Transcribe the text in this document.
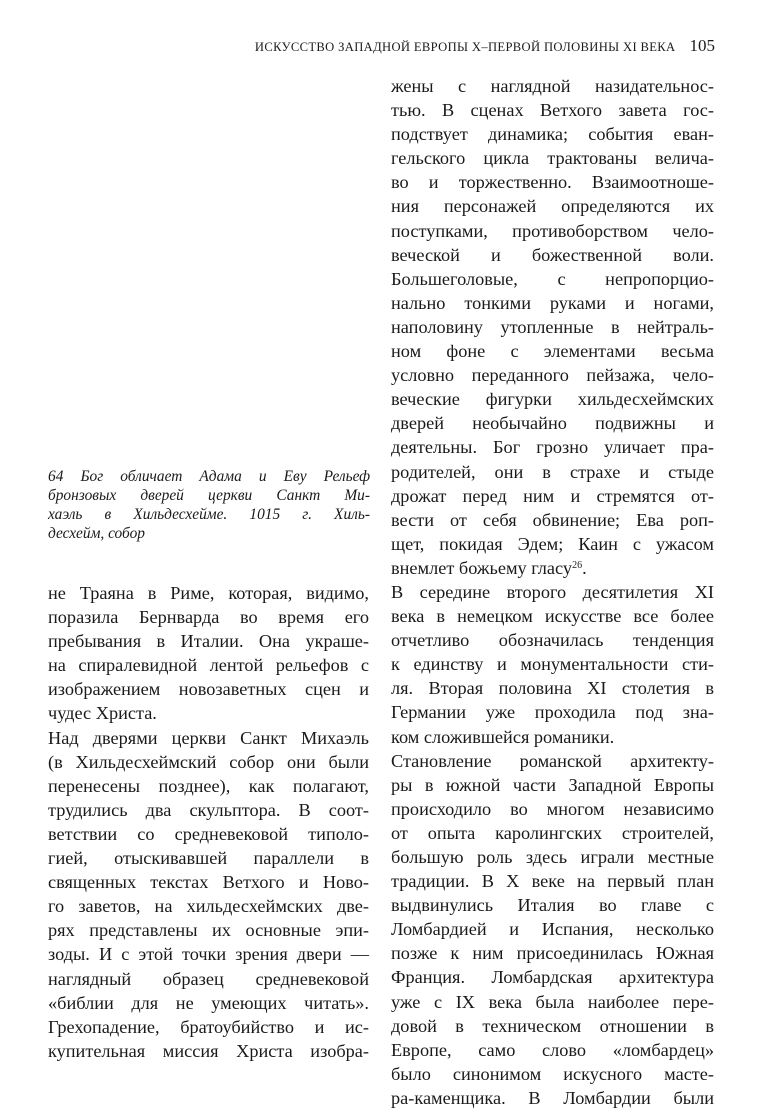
ИСКУССТВО ЗАПАДНОЙ ЕВРОПЫ X–ПЕРВОЙ ПОЛОВИНЫ XI ВЕКА 105
64 Бог обличает Адама и Еву Рельеф
бронзовых дверей церкви Санкт Ми-
хаэль в Хильдесхейме. 1015 г. Хиль-
десхейм, собор
жены с наглядной назидательнос-
тью. В сценах Ветхого завета гос-
подствует динамика; события еван-
гельского цикла трактованы величa-
во и торжественно. Взаимоотноше-
ния персонажей определяются их
поступками, противоборством чело-
веческой и божественной воли.
Большеголовые, с непропорцио-
нально тонкими руками и ногами,
наполовину утопленные в нейтраль-
ном фоне с элементами весьма
условно переданного пейзажа, чело-
веческие фигурки хильдесхеймских
дверей необычайно подвижны и
деятельны. Бог грозно уличает пра-
родителей, они в страхе и стыде
дрожат перед ним и стремятся от-
вести от себя обвинение; Ева роп-
щет, покидая Эдем; Каин с ужасом
внемлет божьему гласу$^{26}$.
В середине второго десятилетия XI
века в немецком искусстве все более
отчетливо обозначилась тенденция
к единству и монументальности сти-
ля. Вторая половина XI столетия в
Германии уже проходила под зна-
ком сложившейся романики.
Становление романской архитекту-
ры в южной части Западной Европы
происходило во многом независимо
от опыта каролингских строителей,
большую роль здесь играли местные
традиции. В X веке на первый план
выдвинулись Италия во главе с
Ломбардией и Испания, несколько
позже к ним присоединилась Южная
Франция. Ломбардская архитектура
уже с IX века была наиболее пере-
довой в техническом отношении в
Европе, само слово «ломбардец»
было синонимом искусного масте-
ра-каменщика. В Ломбардии были
не Траяна в Риме, которая, видимо,
поразила Бернварда во время его
пребывания в Италии. Она украше-
на спиралевидной лентой рельефов с
изображением новозаветных сцен и
чудес Христа.
Над дверями церкви Санкт Михаэль
(в Хильдесхеймский собор они были
перенесены позднее), как полагают,
трудились два скульптора. В соот-
ветствии со средневековой типоло-
гией, отыскивавшей параллели в
священных текстах Ветхого и Ново-
го заветов, на хильдесхеймских две-
рях представлены их основные эпи-
зоды. И с этой точки зрения двери —
наглядный образец средневековой
«библии для не умеющих читать».
Грехопадение, братоубийство и ис-
купительная миссия Христа изобра-
